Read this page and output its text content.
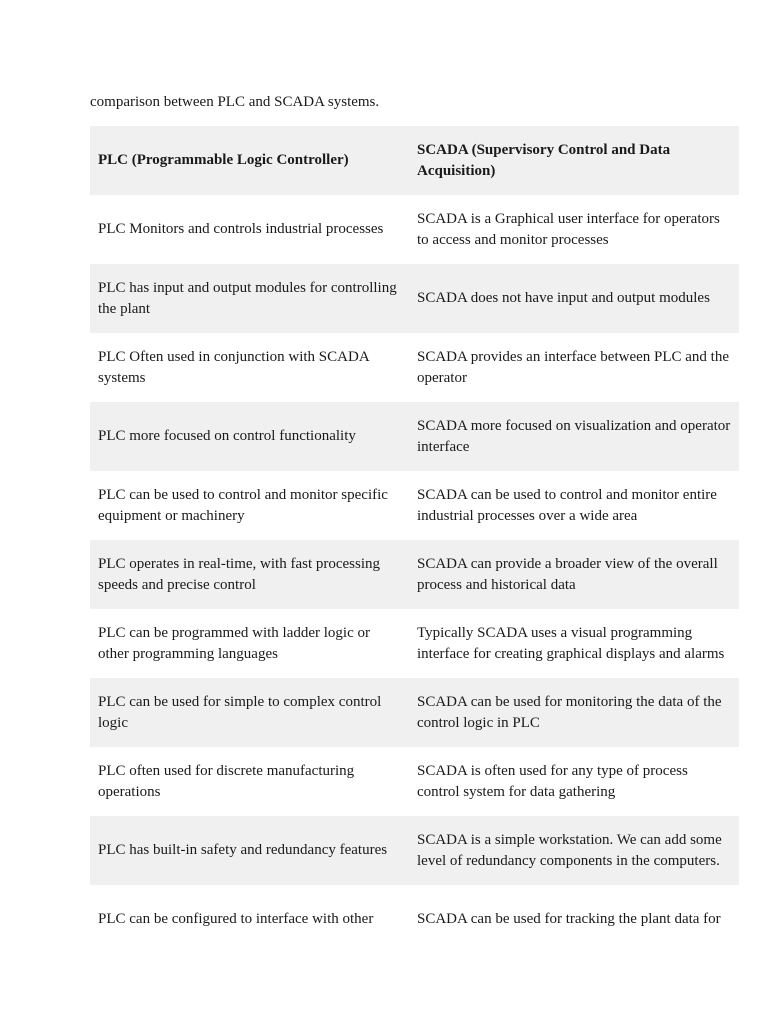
comparison between PLC and SCADA systems.

PLC (Programmable Logic Controller)	SCADA (Supervisory Control and Data Acquisition)
PLC Monitors and controls industrial processes	SCADA is a Graphical user interface for operators to access and monitor processes
PLC has input and output modules for controlling the plant	SCADA does not have input and output modules
PLC Often used in conjunction with SCADA systems	SCADA provides an interface between PLC and the operator
PLC more focused on control functionality	SCADA more focused on visualization and operator interface
PLC can be used to control and monitor specific equipment or machinery	SCADA can be used to control and monitor entire industrial processes over a wide area
PLC operates in real-time, with fast processing speeds and precise control	SCADA can provide a broader view of the overall process and historical data
PLC can be programmed with ladder logic or other programming languages	Typically SCADA uses a visual programming interface for creating graphical displays and alarms
PLC can be used for simple to complex control logic	SCADA can be used for monitoring the data of the control logic in PLC
PLC often used for discrete manufacturing operations	SCADA is often used for any type of process control system for data gathering
PLC has built-in safety and redundancy features	SCADA is a simple workstation. We can add some level of redundancy components in the computers.
PLC can be configured to interface with other	SCADA can be used for tracking the plant data for
